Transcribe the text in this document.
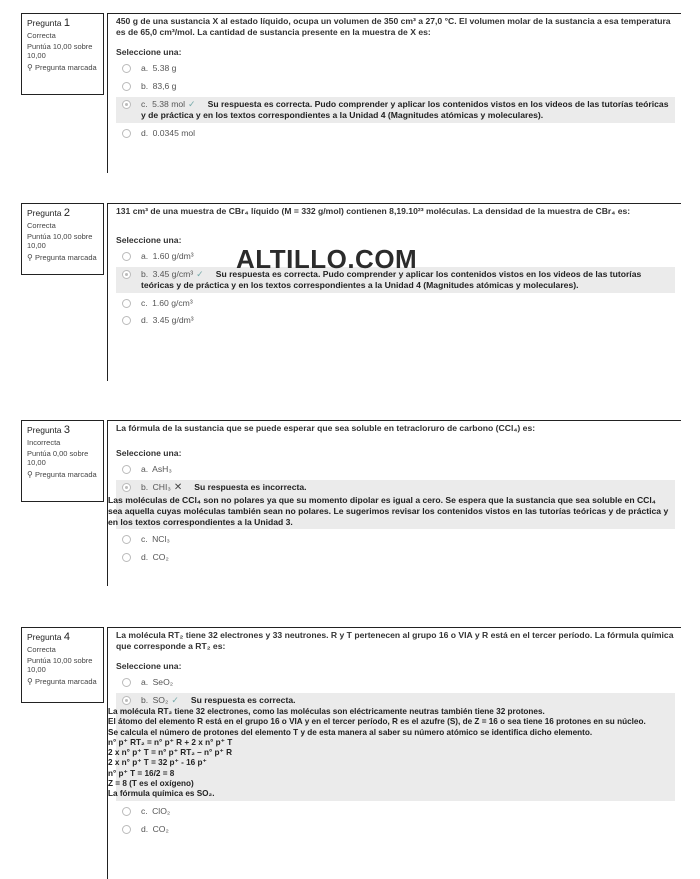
Pregunta 1
Correcta
Puntúa 10,00 sobre 10,00
⚲ Pregunta marcada
450 g de una sustancia X al estado líquido, ocupa un volumen de 350 cm³ a 27,0 °C. El volumen molar de la sustancia a esa temperatura es de 65,0 cm³/mol. La cantidad de sustancia presente en la muestra de X es:
Seleccione una:
a. 5.38 g
b. 83,6 g
c. 5.38 mol ✓ Su respuesta es correcta. Pudo comprender y aplicar los contenidos vistos en los videos de las tutorías teóricas y de práctica y en los textos correspondientes a la Unidad 4 (Magnitudes atómicas y moleculares).
d. 0.0345 mol
Pregunta 2
Correcta
Puntúa 10,00 sobre 10,00
⚲ Pregunta marcada
131 cm³ de una muestra de CBr₄ líquido (M = 332 g/mol) contienen 8,19.10²³ moléculas. La densidad de la muestra de CBr₄ es:
Seleccione una:
a. 1.60 g/dm³
b. 3.45 g/cm³ ✓ Su respuesta es correcta. Pudo comprender y aplicar los contenidos vistos en los videos de las tutorías teóricas y de práctica y en los textos correspondientes a la Unidad 4 (Magnitudes atómicas y moleculares).
c. 1.60 g/cm³
d. 3.45 g/dm³
Pregunta 3
Incorrecta
Puntúa 0,00 sobre 10,00
⚲ Pregunta marcada
La fórmula de la sustancia que se puede esperar que sea soluble en tetracloruro de carbono (CCl₄) es:
Seleccione una:
a. AsH₃
b. CHI₃ ✕ Su respuesta es incorrecta.
Las moléculas de CCl₄ son no polares ya que su momento dipolar es igual a cero. Se espera que la sustancia que sea soluble en CCl₄ sea aquella cuyas moléculas también sean no polares. Le sugerimos revisar los contenidos vistos en las tutorías teóricas y de práctica y en los textos correspondientes a la Unidad 3.
c. NCl₃
d. CO₂
Pregunta 4
Correcta
Puntúa 10,00 sobre 10,00
⚲ Pregunta marcada
La molécula RT₂ tiene 32 electrones y 33 neutrones. R y T pertenecen al grupo 16 o VIA y R está en el tercer período. La fórmula química que corresponde a RT₂ es:
Seleccione una:
a. SeO₂
b. SO₂ ✓ Su respuesta es correcta.
La molécula RT₂ tiene 32 electrones, como las moléculas son eléctricamente neutras también tiene 32 protones.
El átomo del elemento R está en el grupo 16 o VIA y en el tercer período, R es el azufre (S), de Z = 16 o sea tiene 16 protones en su núcleo.
Se calcula el número de protones del elemento T y de esta manera al saber su número atómico se identifica dicho elemento.
n° p⁺ RT₂ = n° p⁺ R + 2 x n° p⁺ T
2 x n° p⁺ T = n° p⁺ RT₂ – n° p⁺ R
2 x n° p⁺ T = 32 p⁺ - 16 p⁺
n° p⁺ T = 16/2 = 8
Z = 8 (T es el oxígeno)
La fórmula química es SO₂.
c. ClO₂
d. CO₂
ALTILLO.COM
